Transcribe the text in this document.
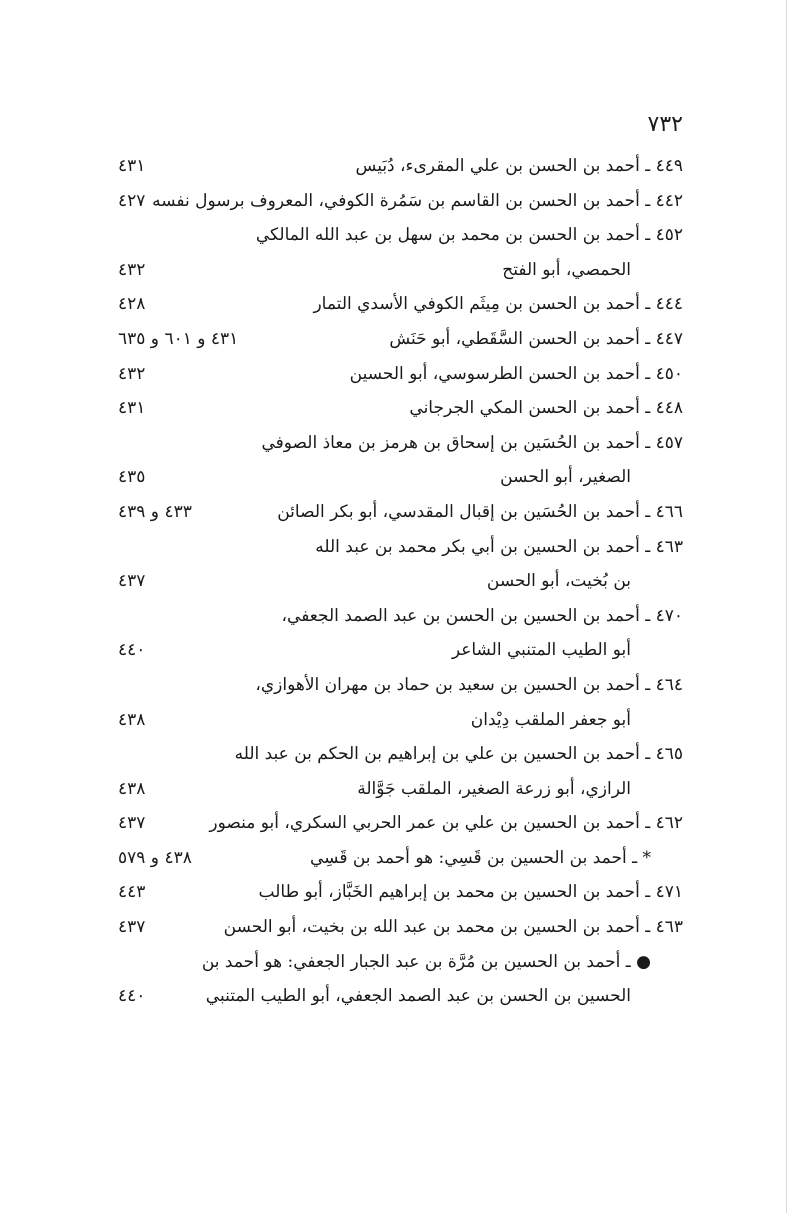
٧٣٢
٤٤٩ ـ أحمد بن الحسن بن علي المقرىء، دُبَيس
٤٣١
٤٤٢ ـ أحمد بن الحسن بن القاسم بن سَمُرة الكوفي، المعروف برسول نفسه
٤٢٧
٤٥٢ ـ أحمد بن الحسن بن محمد بن سهل بن عبد الله المالكي
الحمصي، أبو الفتح
٤٣٢
٤٤٤ ـ أحمد بن الحسن بن مِيثَم الكوفي الأسدي التمار
٤٢٨
٤٤٧ ـ أحمد بن الحسن السَّقَطي، أبو حَنَش
٤٣١ و ٦٠١ و ٦٣٥
٤٥٠ ـ أحمد بن الحسن الطرسوسي، أبو الحسين
٤٣٢
٤٤٨ ـ أحمد بن الحسن المكي الجرجاني
٤٣١
٤٥٧ ـ أحمد بن الحُسَين بن إسحاق بن هرمز بن معاذ الصوفي
الصغير، أبو الحسن
٤٣٥
٤٦٦ ـ أحمد بن الحُسَين بن إقبال المقدسي، أبو بكر الصائن
٤٣٣ و ٤٣٩
٤٦٣ ـ أحمد بن الحسين بن أبي بكر محمد بن عبد الله
بن بُخيت، أبو الحسن
٤٣٧
٤٧٠ ـ أحمد بن الحسين بن الحسن بن عبد الصمد الجعفي،
أبو الطيب المتنبي الشاعر
٤٤٠
٤٦٤ ـ أحمد بن الحسين بن سعيد بن حماد بن مهران الأهوازي،
أبو جعفر الملقب دِيْدان
٤٣٨
٤٦٥ ـ أحمد بن الحسين بن علي بن إبراهيم بن الحكم بن عبد الله
الرازي، أبو زرعة الصغير، الملقب جَوَّالة
٤٣٨
٤٦٢ ـ أحمد بن الحسين بن علي بن عمر الحربي السكري، أبو منصور
٤٣٧
* ـ أحمد بن الحسين بن قَسِي: هو أحمد بن قَسِي
٤٣٨ و ٥٧٩
٤٧١ ـ أحمد بن الحسين بن محمد بن إبراهيم الخَبَّاز، أبو طالب
٤٤٣
٤٦٣ ـ أحمد بن الحسين بن محمد بن عبد الله بن بخيت، أبو الحسن
٤٣٧
● ـ أحمد بن الحسين بن مُرَّة بن عبد الجبار الجعفي: هو أحمد بن
الحسين بن الحسن بن عبد الصمد الجعفي، أبو الطيب المتنبي
٤٤٠
